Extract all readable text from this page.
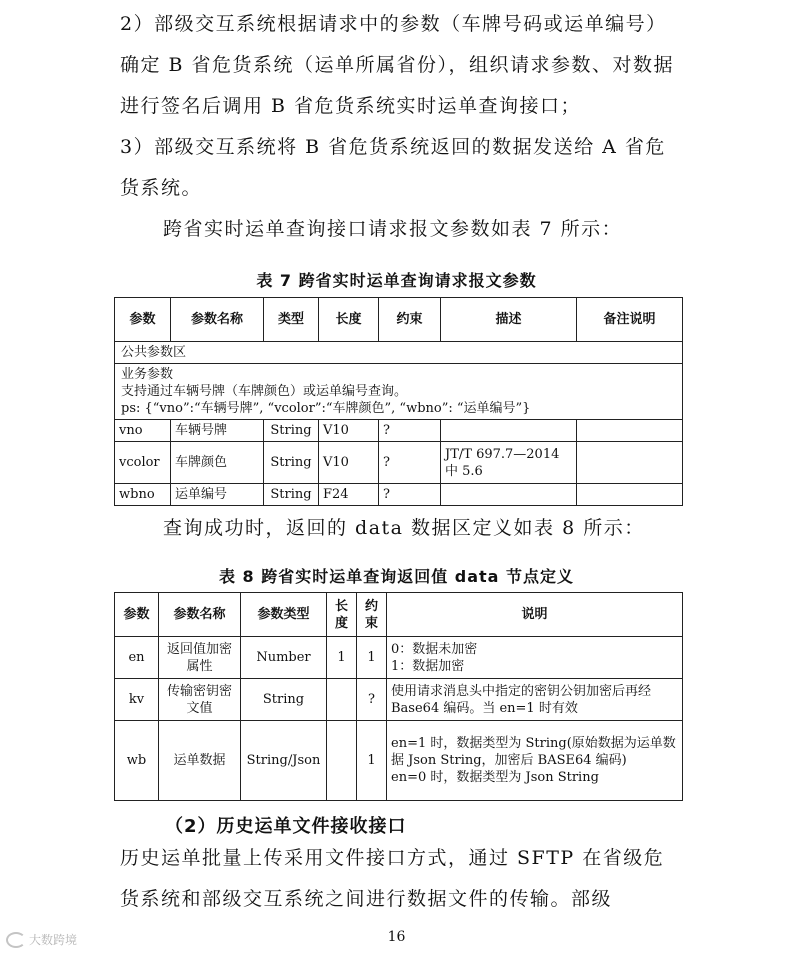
2）部级交互系统根据请求中的参数（车牌号码或运单编号）确定 B 省危货系统（运单所属省份），组织请求参数、对数据进行签名后调用 B 省危货系统实时运单查询接口；

3）部级交互系统将 B 省危货系统返回的数据发送给 A 省危货系统。

跨省实时运单查询接口请求报文参数如表 7 所示：

表 7 跨省实时运单查询请求报文参数

参数	参数名称	类型	长度	约束	描述	备注说明
公共参数区						

业务参数
支持通过车辆号牌（车牌颜色）或运单编号查询。
ps: {“vno”:“车辆号牌”, “vcolor”:“车牌颜色”, “wbno”: “运单编号”}						

vno	车辆号牌	String	V10	?		
vcolor	车牌颜色	String	V10	?	JT/T 697.7—2014 中 5.6	
wbno	运单编号	String	F24	?		

查询成功时，返回的 data 数据区定义如表 8 所示：

表 8 跨省实时运单查询返回值 data 节点定义

参数	参数名称	参数类型	长度	约束	说明
en	返回值加密属性	Number	1	1	0：数据未加密
1：数据加密

kv	传输密钥密文值	String		?	使用请求消息头中指定的密钥公钥加密后再经 Base64 编码。当 en=1 时有效

wb	运单数据	String/Json		1	en=1 时，数据类型为 String(原始数据为运单数据 Json String，加密后 BASE64 编码)
en=0 时，数据类型为 Json String

（2）历史运单文件接收接口

历史运单批量上传采用文件接口方式，通过 SFTP 在省级危货系统和部级交互系统之间进行数据文件的传输。部级

16
大数跨境
